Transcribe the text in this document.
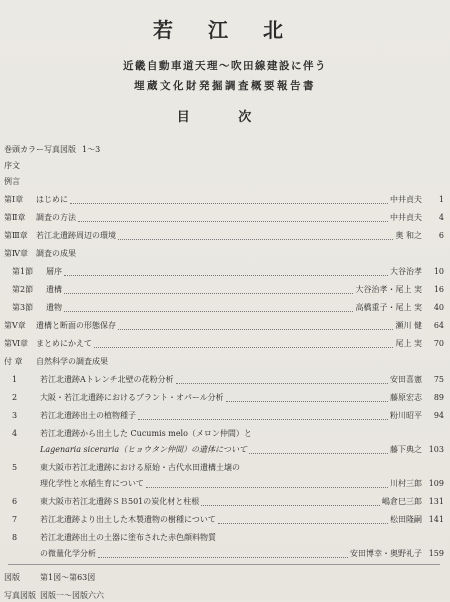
若 江 北
近畿自動車道天理〜吹田線建設に伴う
埋蔵文化財発掘調査概要報告書
目 次
巻頭カラー写真図版 1〜3
序文
例言
第Ⅰ章	はじめに	中井貞夫	1
第Ⅱ章	調査の方法	中井貞夫	4
第Ⅲ章	若江北遺跡周辺の環境	奥 和之	6
第Ⅳ章	調査の成果
第1節	層序	大谷治孝	10
第2節	遺構	大谷治孝・尾上 実	16
第3節	遺物	高橋重子・尾上 実	40
第Ⅴ章	遺構と断面の形態保存	瀬川 健	64
第Ⅵ章 まとめにかえて	尾上 実	70
付 章	自然科学の調査成果
1	若江北遺跡Aトレンチ北壁の花粉分析	安田喜憲	75
2	大阪・若江北遺跡におけるプラント・オパール分析	藤原宏志	89
3	若江北遺跡出土の植物種子	粉川昭平	94
4	若江北遺跡から出土した Cucumis melo（メロン仲間）と
Lagenaria siceraria（ヒョウタン仲間）の遺体について	藤下典之 103
5	東大阪市若江北遺跡における原始・古代水田遺構土壌の
理化学性と水稲生育について	川村三郎 109
6	東大阪市若江北遺跡ＳＢ501の炭化材と柱根	嶋倉巳三郎 131
7	若江北遺跡より出土した木製遺物の樹種について	松田隆嗣 141
8	若江北遺跡出土の土器に塗布された赤色顔料物質
の微量化学分析	安田博幸・奥野礼子 159
図版	第1図〜第63図
写真図版 図版一〜図版六六
